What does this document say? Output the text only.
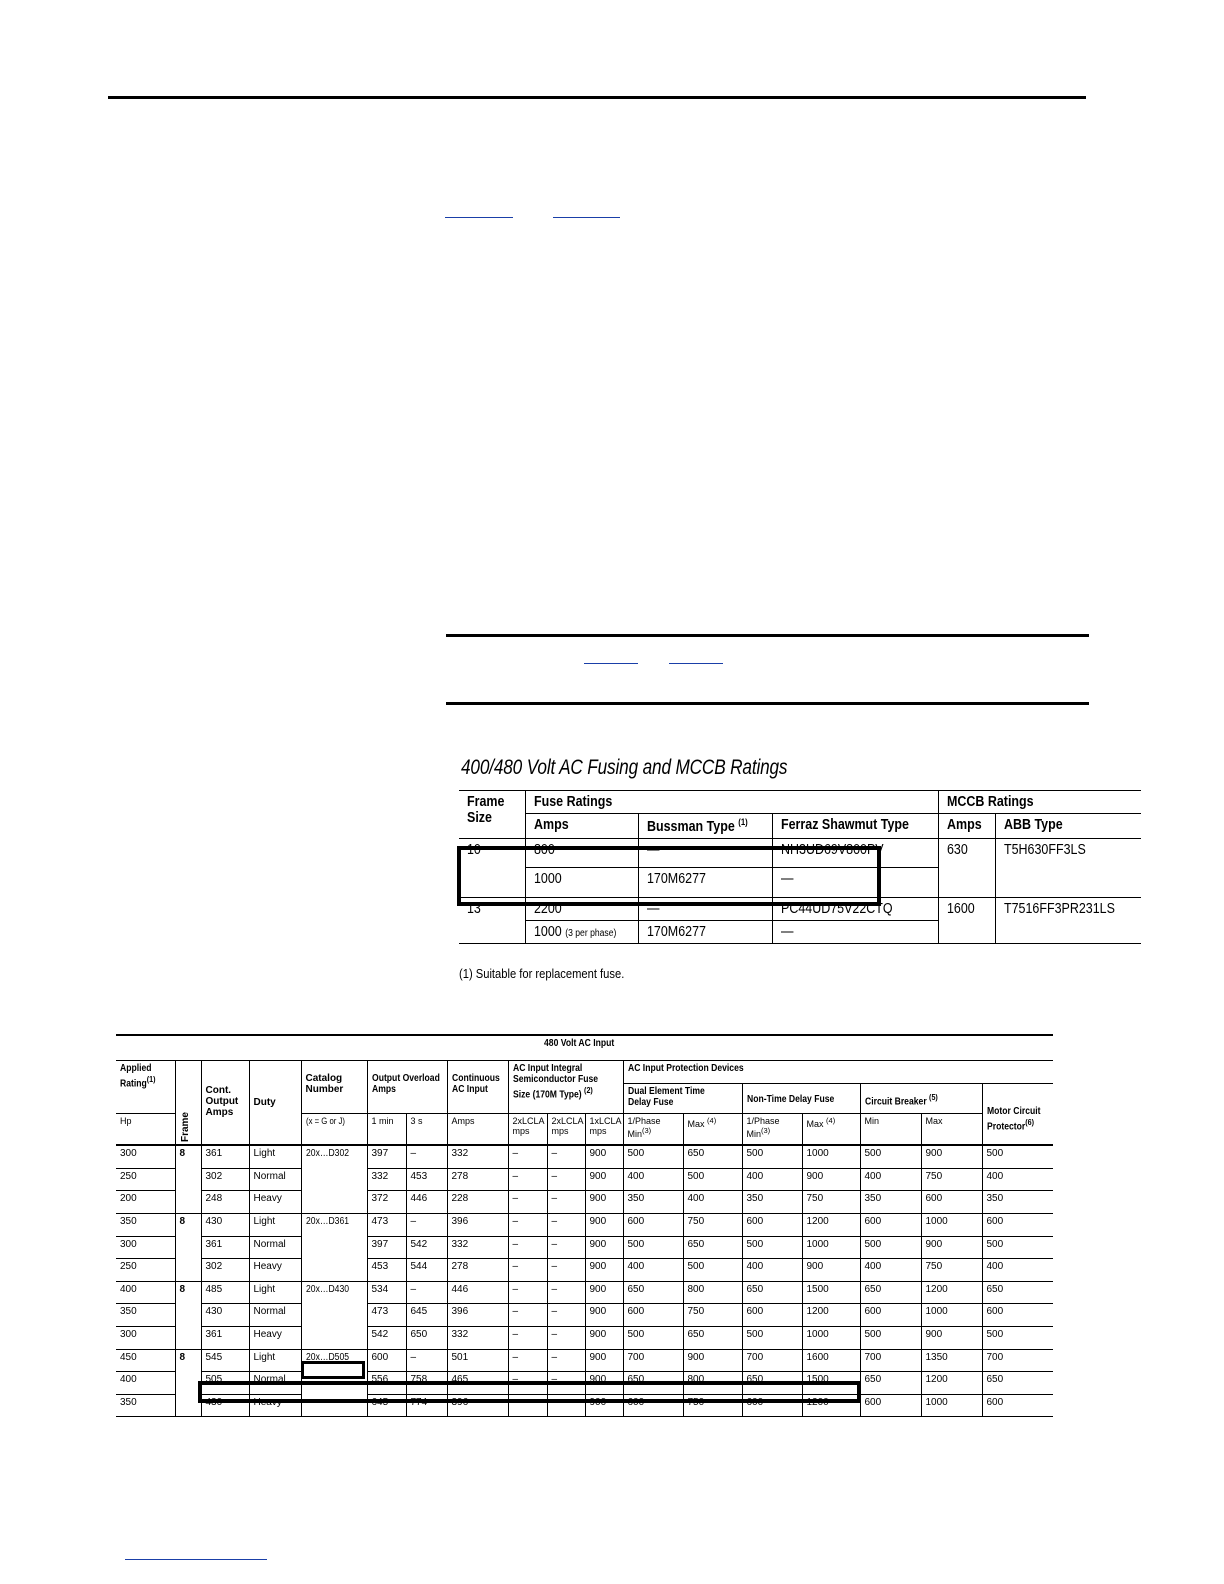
400/480 Volt AC Fusing and MCCB Ratings
Frame Size	Fuse Ratings			MCCB Ratings	
	Amps	Bussman Type $^{(1)}$	Ferraz Shawmut Type	Amps	ABB Type
10	800	—	NH3UD69V800PV	630	T5H630FF3LS
	1000	170M6277	—		
13	2200	—	PC44UD75V22CTQ	1600	T7516FF3PR231LS
	1000 (3 per phase)	170M6277	—		
(1) Suitable for replacement fuse.
480 Volt AC Input																	
Applied Rating$^{(1)}$	Frame	Cont. Output Amps	Duty	Catalog Number	Output Overload Amps		Continuous AC Input	AC Input Integral Semiconductor Fuse Size (170M Type) $^{(2)}$			AC Input Protection Devices						
											Dual Element Time Delay Fuse		Non-Time Delay Fuse		Circuit Breaker $^{(5)}$		Motor Circuit Protector$^{(6)}$
Hp				(x = G or J)	1 min	3 s	Amps	2xLCLA mps	2xLCLA mps	1xLCLA mps	1/Phase Min$^{(3)}$	Max $^{(4)}$	1/Phase Min$^{(3)}$	Max $^{(4)}$	Min	Max	
300	8	361	Light	20x…D302	397	–	332	–	–	900	500	650	500	1000	500	900	500
250		302	Normal		332	453	278	–	–	900	400	500	400	900	400	750	400
200		248	Heavy		372	446	228	–	–	900	350	400	350	750	350	600	350
350	8	430	Light	20x…D361	473	–	396	–	–	900	600	750	600	1200	600	1000	600
300		361	Normal		397	542	332	–	–	900	500	650	500	1000	500	900	500
250		302	Heavy		453	544	278	–	–	900	400	500	400	900	400	750	400
400	8	485	Light	20x…D430	534	–	446	–	–	900	650	800	650	1500	650	1200	650
350		430	Normal		473	645	396	–	–	900	600	750	600	1200	600	1000	600
300		361	Heavy		542	650	332	–	–	900	500	650	500	1000	500	900	500
450	8	545	Light	20x…D505	600	–	501	–	–	900	700	900	700	1600	700	1350	700
400		505	Normal		556	758	465	–	–	900	650	800	650	1500	650	1200	650
350		430	Heavy		645	774	396	–	–	900	600	750	600	1200	600	1000	600
